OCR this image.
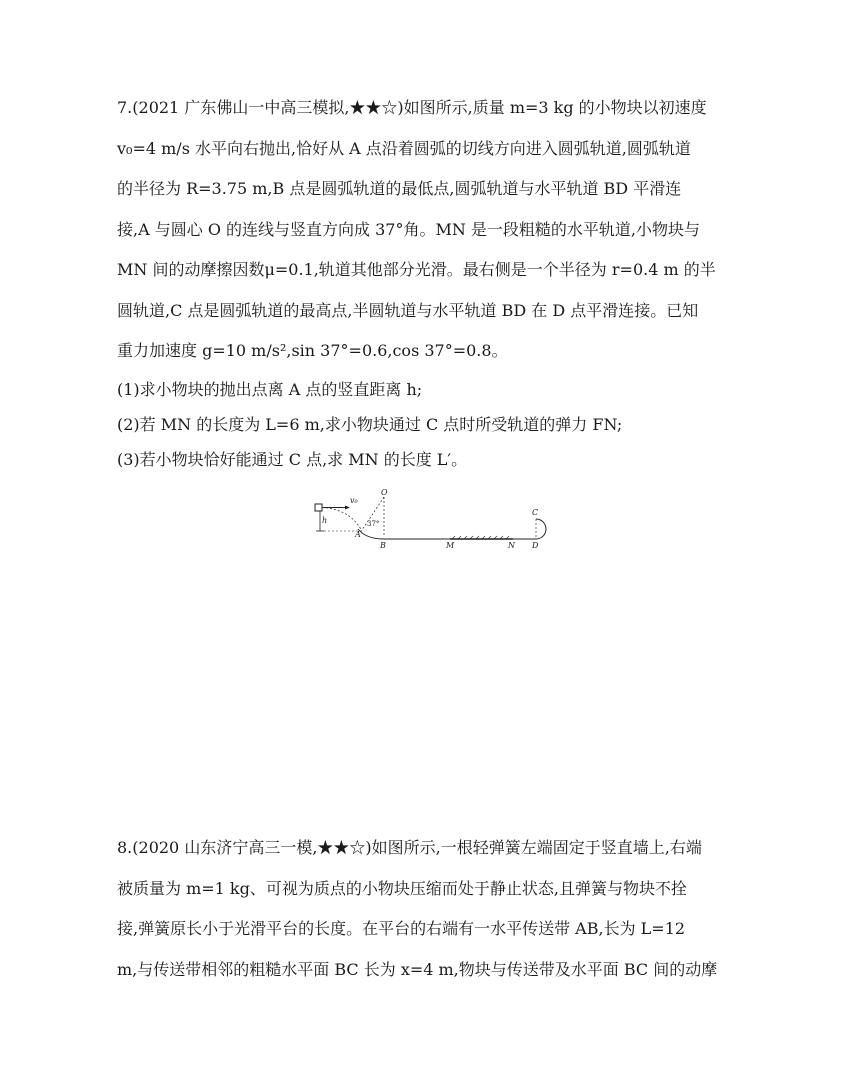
7.(2021 广东佛山一中高三模拟,★★☆)如图所示,质量 m=3 kg 的小物块以初速度
v₀=4 m/s 水平向右抛出,恰好从 A 点沿着圆弧的切线方向进入圆弧轨道,圆弧轨道
的半径为 R=3.75 m,B 点是圆弧轨道的最低点,圆弧轨道与水平轨道 BD 平滑连
接,A 与圆心 O 的连线与竖直方向成 37°角。MN 是一段粗糙的水平轨道,小物块与
MN 间的动摩擦因数μ=0.1,轨道其他部分光滑。最右侧是一个半径为 r=0.4 m 的半
圆轨道,C 点是圆弧轨道的最高点,半圆轨道与水平轨道 BD 在 D 点平滑连接。已知
重力加速度 g=10 m/s²,sin 37°=0.6,cos 37°=0.8。
(1)求小物块的抛出点离 A 点的竖直距离 h;
(2)若 MN 的长度为 L=6 m,求小物块通过 C 点时所受轨道的弹力 FN;
(3)若小物块恰好能通过 C 点,求 MN 的长度 L′。
v₀
h
O
37°
A
B	M	N
C
D
8.(2020 山东济宁高三一模,★★☆)如图所示,一根轻弹簧左端固定于竖直墙上,右端
被质量为 m=1 kg、可视为质点的小物块压缩而处于静止状态,且弹簧与物块不拴
接,弹簧原长小于光滑平台的长度。在平台的右端有一水平传送带 AB,长为 L=12
m,与传送带相邻的粗糙水平面 BC 长为 x=4 m,物块与传送带及水平面 BC 间的动摩
